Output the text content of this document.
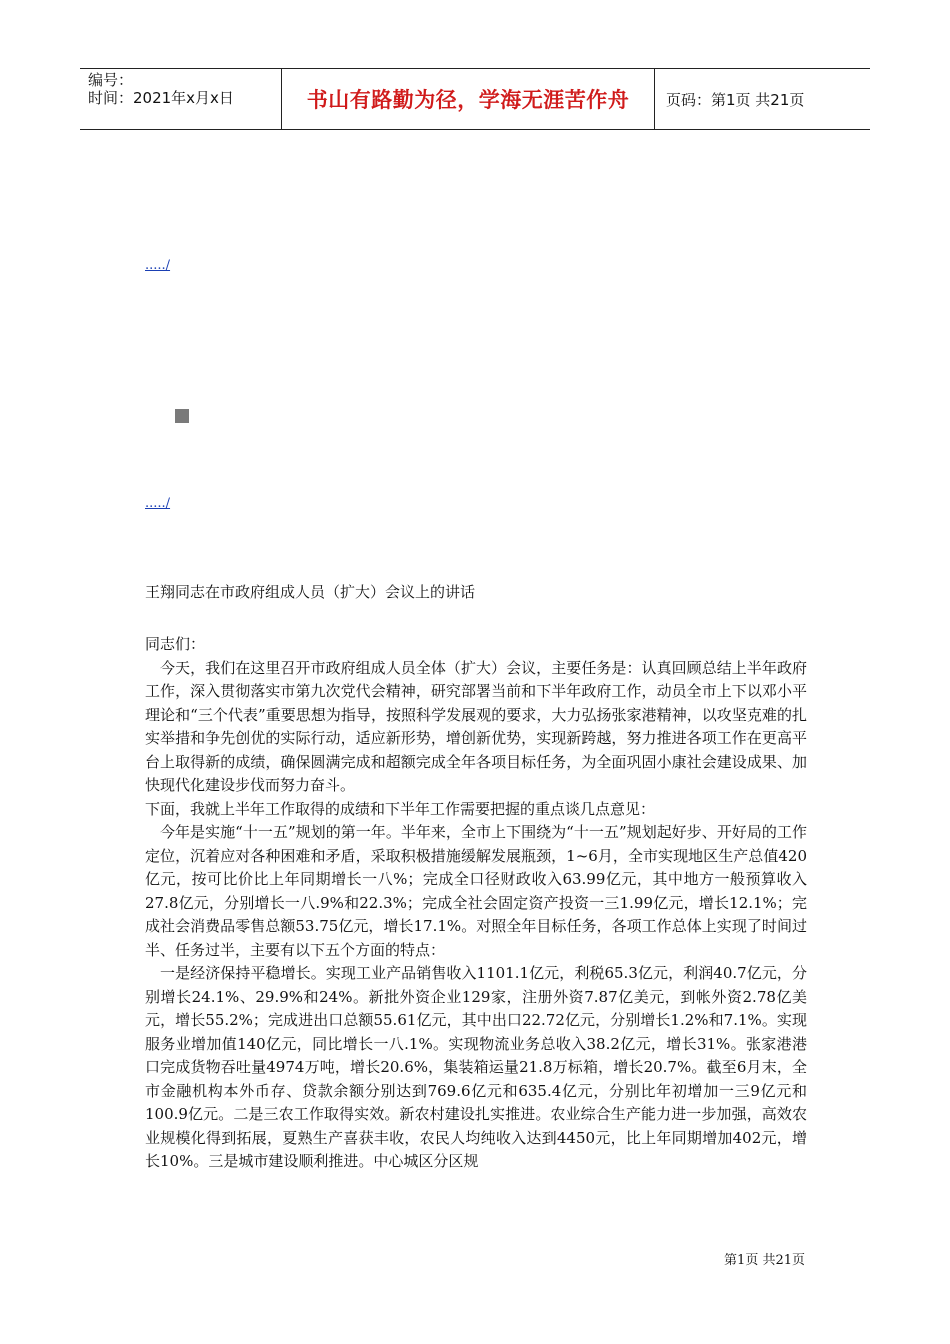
编号：
时间：2021年x月x日	书山有路勤为径，学海无涯苦作舟	页码：第1页 共21页
...../
...../
王翔同志在市政府组成人员（扩大）会议上的讲话

同志们：

今天，我们在这里召开市政府组成人员全体（扩大）会议，主要任务是：认真回顾总结上半年政府工作，深入贯彻落实市第九次党代会精神，研究部署当前和下半年政府工作，动员全市上下以邓小平理论和“三个代表”重要思想为指导，按照科学发展观的要求，大力弘扬张家港精神，以攻坚克难的扎实举措和争先创优的实际行动，适应新形势，增创新优势，实现新跨越，努力推进各项工作在更高平台上取得新的成绩，确保圆满完成和超额完成全年各项目标任务，为全面巩固小康社会建设成果、加快现代化建设步伐而努力奋斗。

下面，我就上半年工作取得的成绩和下半年工作需要把握的重点谈几点意见：

今年是实施“十一五”规划的第一年。半年来，全市上下围绕为“十一五”规划起好步、开好局的工作定位，沉着应对各种困难和矛盾，采取积极措施缓解发展瓶颈，1~6月，全市实现地区生产总值420亿元，按可比价比上年同期增长一八%；完成全口径财政收入63.99亿元，其中地方一般预算收入27.8亿元，分别增长一八.9%和22.3%；完成全社会固定资产投资一三1.99亿元，增长12.1%；完成社会消费品零售总额53.75亿元，增长17.1%。对照全年目标任务，各项工作总体上实现了时间过半、任务过半，主要有以下五个方面的特点：

一是经济保持平稳增长。实现工业产品销售收入1101.1亿元，利税65.3亿元，利润40.7亿元，分别增长24.1%、29.9%和24%。新批外资企业129家，注册外资7.87亿美元，到帐外资2.78亿美元，增长55.2%；完成进出口总额55.61亿元，其中出口22.72亿元，分别增长1.2%和7.1%。实现服务业增加值140亿元，同比增长一八.1%。实现物流业务总收入38.2亿元，增长31%。张家港港口完成货物吞吐量4974万吨，增长20.6%，集装箱运量21.8万标箱，增长20.7%。截至6月末，全市金融机构本外币存、贷款余额分别达到769.6亿元和635.4亿元，分别比年初增加一三9亿元和100.9亿元。二是三农工作取得实效。新农村建设扎实推进。农业综合生产能力进一步加强，高效农业规模化得到拓展，夏熟生产喜获丰收，农民人均纯收入达到4450元，比上年同期增加402元，增长10%。三是城市建设顺利推进。中心城区分区规

第1页 共21页
